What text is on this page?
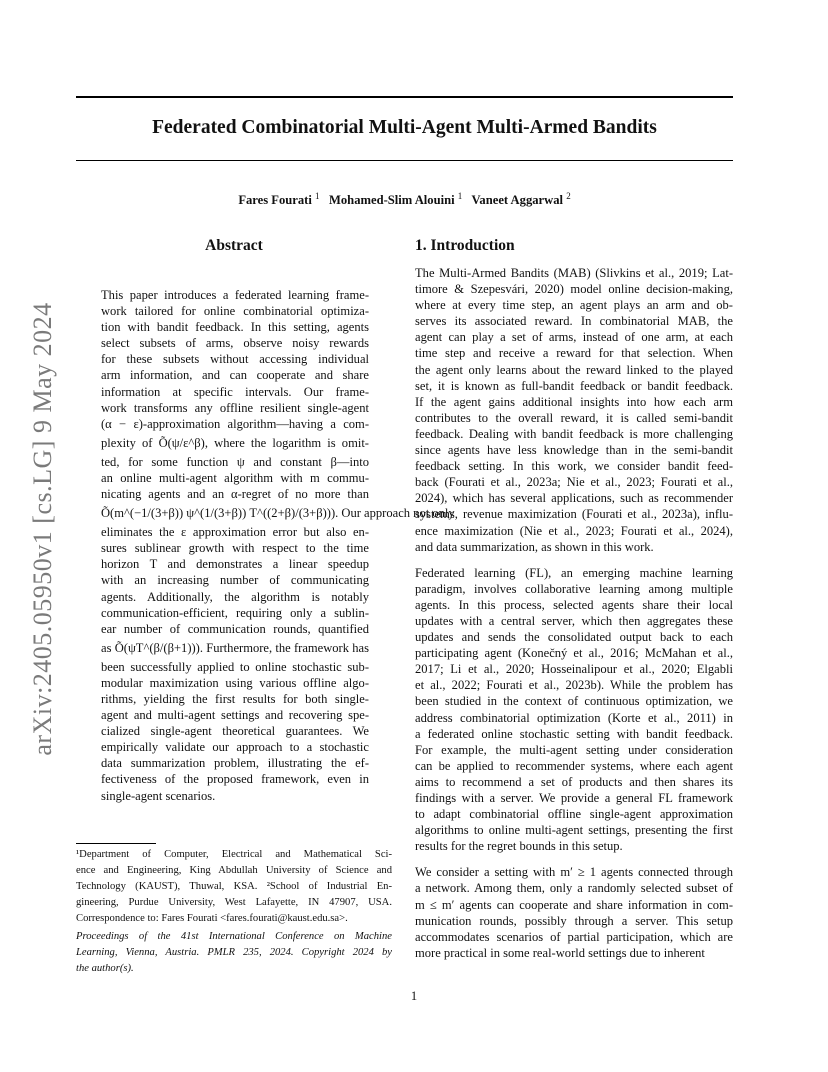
arXiv:2405.05950v1 [cs.LG] 9 May 2024
Federated Combinatorial Multi-Agent Multi-Armed Bandits
Fares Fourati $^1$ Mohamed-Slim Alouini $^1$ Vaneet Aggarwal $^2$
Abstract
This paper introduces a federated learning frame-
work tailored for online combinatorial optimiza-
tion with bandit feedback. In this setting, agents
select subsets of arms, observe noisy rewards
for these subsets without accessing individual
arm information, and can cooperate and share
information at specific intervals. Our frame-
work transforms any offline resilient single-agent
(α − ε)-approximation algorithm—having a com-
plexity of Õ(ψ/ε^β), where the logarithm is omit-
ted, for some function ψ and constant β—into
an online multi-agent algorithm with m commu-
nicating agents and an α-regret of no more than
Õ(m^(−1/(3+β)) ψ^(1/(3+β)) T^((2+β)/(3+β))). Our approach not only
eliminates the ε approximation error but also en-
sures sublinear growth with respect to the time
horizon T and demonstrates a linear speedup
with an increasing number of communicating
agents. Additionally, the algorithm is notably
communication-efficient, requiring only a sublin-
ear number of communication rounds, quantified
as Õ(ψT^(β/(β+1))). Furthermore, the framework has
been successfully applied to online stochastic sub-
modular maximization using various offline algo-
rithms, yielding the first results for both single-
agent and multi-agent settings and recovering spe-
cialized single-agent theoretical guarantees. We
empirically validate our approach to a stochastic
data summarization problem, illustrating the ef-
fectiveness of the proposed framework, even in
single-agent scenarios.
1. Introduction
The Multi-Armed Bandits (MAB) (Slivkins et al., 2019; Lat-
timore & Szepesvári, 2020) model online decision-making,
where at every time step, an agent plays an arm and ob-
serves its associated reward. In combinatorial MAB, the
agent can play a set of arms, instead of one arm, at each
time step and receive a reward for that selection. When
the agent only learns about the reward linked to the played
set, it is known as full-bandit feedback or bandit feedback.
If the agent gains additional insights into how each arm
contributes to the overall reward, it is called semi-bandit
feedback. Dealing with bandit feedback is more challenging
since agents have less knowledge than in the semi-bandit
feedback setting. In this work, we consider bandit feed-
back (Fourati et al., 2023a; Nie et al., 2023; Fourati et al.,
2024), which has several applications, such as recommender
systems, revenue maximization (Fourati et al., 2023a), influ-
ence maximization (Nie et al., 2023; Fourati et al., 2024),
and data summarization, as shown in this work.
Federated learning (FL), an emerging machine learning
paradigm, involves collaborative learning among multiple
agents. In this process, selected agents share their local
updates with a central server, which then aggregates these
updates and sends the consolidated output back to each
participating agent (Konečný et al., 2016; McMahan et al.,
2017; Li et al., 2020; Hosseinalipour et al., 2020; Elgabli
et al., 2022; Fourati et al., 2023b). While the problem has
been studied in the context of continuous optimization, we
address combinatorial optimization (Korte et al., 2011) in
a federated online stochastic setting with bandit feedback.
For example, the multi-agent setting under consideration
can be applied to recommender systems, where each agent
aims to recommend a set of products and then shares its
findings with a server. We provide a general FL framework
to adapt combinatorial offline single-agent approximation
algorithms to online multi-agent settings, presenting the first
results for the regret bounds in this setup.
We consider a setting with m′ ≥ 1 agents connected through
a network. Among them, only a randomly selected subset of
m ≤ m′ agents can cooperate and share information in com-
munication rounds, possibly through a server. This setup
accommodates scenarios of partial participation, which are
more practical in some real-world settings due to inherent
¹Department of Computer, Electrical and Mathematical Sci-
ence and Engineering, King Abdullah University of Science and
Technology (KAUST), Thuwal, KSA. ²School of Industrial En-
gineering, Purdue University, West Lafayette, IN 47907, USA.
Correspondence to: Fares Fourati <fares.fourati@kaust.edu.sa>.
Proceedings of the 41st International Conference on Machine
Learning, Vienna, Austria. PMLR 235, 2024. Copyright 2024 by
the author(s).
1
